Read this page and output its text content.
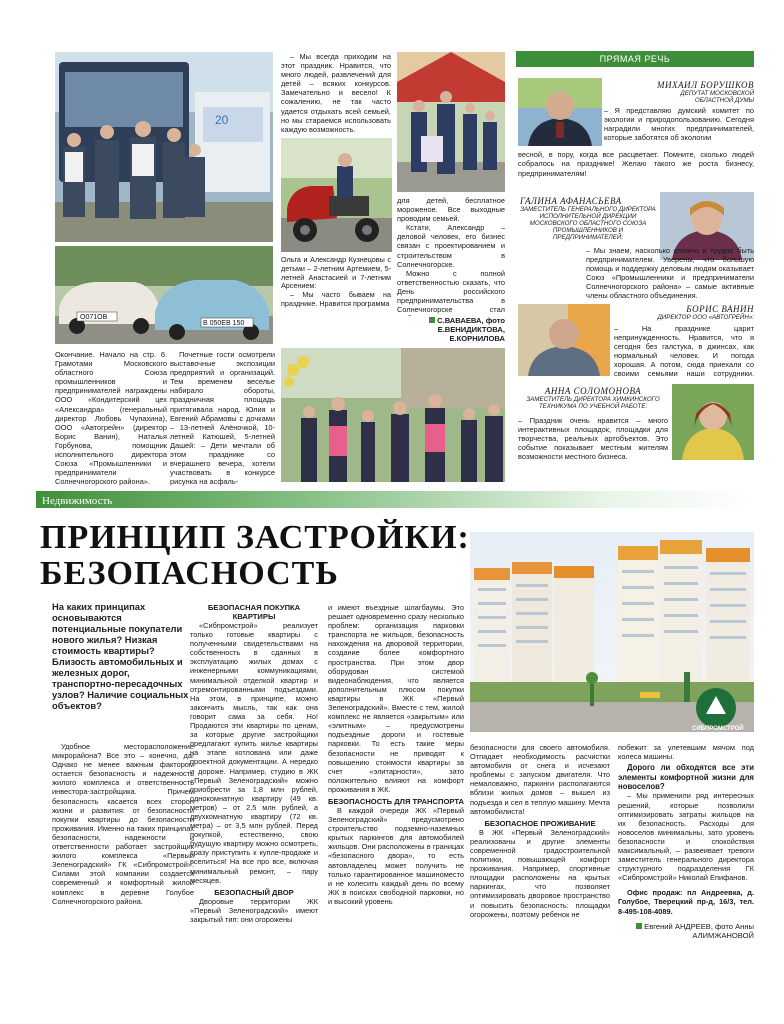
20
О071ОВ
В 050ЕВ 150

– Мы всегда приходим на этот праздник. Нравится, что много людей, развлечений для детей – всяких конкурсов. Замечательно и весело! К сожалению, не так часто удается отдыхать всей семьей, но мы стараемся использовать каждую возможность.

Ольга и Александр Кузнецовы с детьми – 2-летним Артемием, 5-летней Анастасией и 7-летним Арсением:

– Мы часто бываем на празднике. Нравится программа

для детей, бесплатное мороженое. Все выходные проводим семьей.

Кстати, Александр – деловой человек, его бизнес связан с проектированием и строительством в Солнечногорске.

Можно с полной ответственностью сказать, что День российского предпринимательства в Солнечногорске стал

С.ВАВАЕВА, фото Е.ВЕНИДИКТОВА, Е.КОРНИЛОВА

Окончание. Начало на стр. 6. Грамотами Московского областного Союза промышленников и предпринимателей награждены ООО «Кондитерский цех «Александра» (генеральный директор Любовь Чупахина), ООО «Автогрейн» (директор Борис Ванин), Наталья Горбунова, помощник исполнительного директора Союза «Промышленники и предприниматели Солнечногорского района».

Почетные гости осмотрели выставочные экспозиции предприятий и организаций. Тем временем веселье набирало обороты, праздничная площадь притягивала народ. Юлия и Евгений Абрамовы с дочками – 13-летней Алёночкой, 10-летней Катюшей, 5-летней Дашей: – Дети мечтали об этом празднике со вчерашнего вечера, хотели участвовать в конкурсе рисунка на асфаль-

ПРЯМАЯ РЕЧЬ
МИХАИЛ БОРУШКОВ
ДЕПУТАТ МОСКОВСКОЙ ОБЛАСТНОЙ ДУМЫ

– Я представляю думский комитет по экологии и природопользованию. Сегодня наградили многих предпринимателей, которые заботятся об экологии

весной, в пору, когда все расцветает. Помните, сколько людей собралось на празднике! Желаю такого же роста бизнесу, предпринимателям!

ГАЛИНА АФАНАСЬЕВА
ЗАМЕСТИТЕЛЬ ГЕНЕРАЛЬНОГО ДИРЕКТОРА ИСПОЛНИТЕЛЬНОЙ ДИРЕКЦИИ МОСКОВСКОГО ОБЛАСТНОГО СОЮЗА ПРОМЫШЛЕННИКОВ И ПРЕДПРИНИМАТЕЛЕЙ:

– Мы знаем, насколько сложно и трудно быть предпринимателем. Уверены, что большую помощь и поддержку деловым людям оказывает Союз «Промышленники и предприниматели Солнечногорского района» – самые активные члены областного объединения.

БОРИС ВАНИН
ДИРЕКТОР ООО «АВТОГРЕЙН»:

– На празднике царит непринужденность. Нравится, что я сегодня без галстука, в джинсах, как нормальный человек. И погода хорошая. А потом, сюда приехали со своими семьями наши сотрудники.

АННА СОЛОМОНОВА
ЗАМЕСТИТЕЛЬ ДИРЕКТОРА ХИМКИНСКОГО ТЕХНИКУМА ПО УЧЕБНОЙ РАБОТЕ:

– Праздник очень нравится – много интерактивных площадок, площадки для творчества, реальных артобъектов. Это событие показывает местным жителям возможности местного бизнеса.

Недвижимость
ПРИНЦИП ЗАСТРОЙКИ:
БЕЗОПАСНОСТЬ
СИБПРОМСТРОЙ

На каких принципах основываются потенциальные покупатели нового жилья? Низкая стоимость квартиры? Близость автомобильных и железных дорог, транспортно-пересадочных узлов? Наличие социальных объектов?

Удобное месторасположение микрорайона? Все это – конечно, да! Однако не менее важным фактором остается безопасность и надежность жилого комплекса и ответственность инвестора-застройщика. Причем безопасность касается всех сторон жизни и развития: от безопасности покупки квартиры до безопасности проживания. Именно на таких принципах безопасности, надежности и ответственности работает застройщик жилого комплекса «Первый Зеленоградский» ГК «Сибпромстрой». Силами этой компании создается современный и комфортный жилой комплекс в деревне Голубое Солнечногорского района.

БЕЗОПАСНАЯ ПОКУПКА КВАРТИРЫ

«Сибпромстрой» реализует только готовые квартиры с полученными свидетельствами на собственность в сданных в эксплуатацию жилых домах с инженерными коммуникациями, минимальной отделкой квартир и отремонтированными подъездами. На этом, в принципе, можно закончить мысль, так как она говорит сама за себя. Но! Продаются эти квартиры по ценам, за которые другие застройщики предлагают купить жилье квартиры на этапе котлована или даже проектной документации. А нередко и дороже. Например, студию в ЖК «Первый Зеленоградский» можно приобрести за 1,8 млн рублей, однокомнатную квартиру (49 кв. метров) – от 2,5 млн рублей, а двухкомнатную квартиру (72 кв. метра) – от 3,5 млн рублей. Перед покупкой, естественно, свою будущую квартиру можно осмотреть, сразу приступить к купле-продаже и вселиться! На все про все, включая минимальный ремонт, – пару месяцев.

БЕЗОПАСНЫЙ ДВОР

Дворовые территории ЖК «Первый Зеленоградский» имеют закрытый тип: они огорожены

и имеют въездные шлагбаумы. Это решает одновременно сразу несколько проблем: организация парковки транспорта не жильцов, безопасность нахождения на дворовой территории, создание более комфортного пространства. При этом двор оборудован системой видеонаблюдения, что является дополнительным плюсом покупки квартиры в ЖК «Первый Зеленоградский». Вместе с тем, жилой комплекс не является «закрытым» или «элитным» – предусмотрены подъездные дороги и гостевые парковки. То есть такие меры безопасности не приводят к повышению стоимости квартиры за счет «элитарности», зато положительно влияют на комфорт проживания в ЖК.

БЕЗОПАСНОСТЬ ДЛЯ ТРАНСПОРТА

В каждой очереди ЖК «Первый Зеленоградский» предусмотрено строительство подземно-наземных крытых паркингов для автомобилей жильцов. Они расположены в границах «безопасного двора», то есть автовладелец может получить не только гарантированное машиноместо и не колесить каждый день по всему ЖК в поисках свободной парковки, но и высокий уровень

безопасности для своего автомобиля. Отпадает необходимость расчистки автомобиля от снега и исчезают проблемы с запуском двигателя. Что немаловажно, паркинги располагаются вблизи жилых домов – вышел из подъезда и сел в теплую машину. Мечта автомобилиста!

БЕЗОПАСНОЕ ПРОЖИВАНИЕ

В ЖК «Первый Зеленоградский» реализованы и другие элементы современной градостроительной политики, повышающей комфорт проживания. Например, спортивные площадки расположены на крытых паркингах, что позволяет оптимизировать дворовое пространство и повысить безопасность: площадки огорожены, поэтому ребенок не

побежит за улетевшим мячом под колеса машины.

Дорого ли обходятся все эти элементы комфортной жизни для новоселов?

– Мы применили ряд интересных решений, которые позволили оптимизировать затраты жильцов на их безопасность. Расходы для новоселов минимальны, зато уровень безопасности и спокойствия максимальный, – развеивает тревоги заместитель генерального директора структурного подразделения ГК «Сибпромстрой» Николай Епифанов.

Офис продаж: пл Андреевка, д. Голубое, Тверецкий пр-д, 16/3, тел. 8-495-108-4089.

Евгений АНДРЕЕВ, фото Анны АЛИМЖАНОВОЙ
